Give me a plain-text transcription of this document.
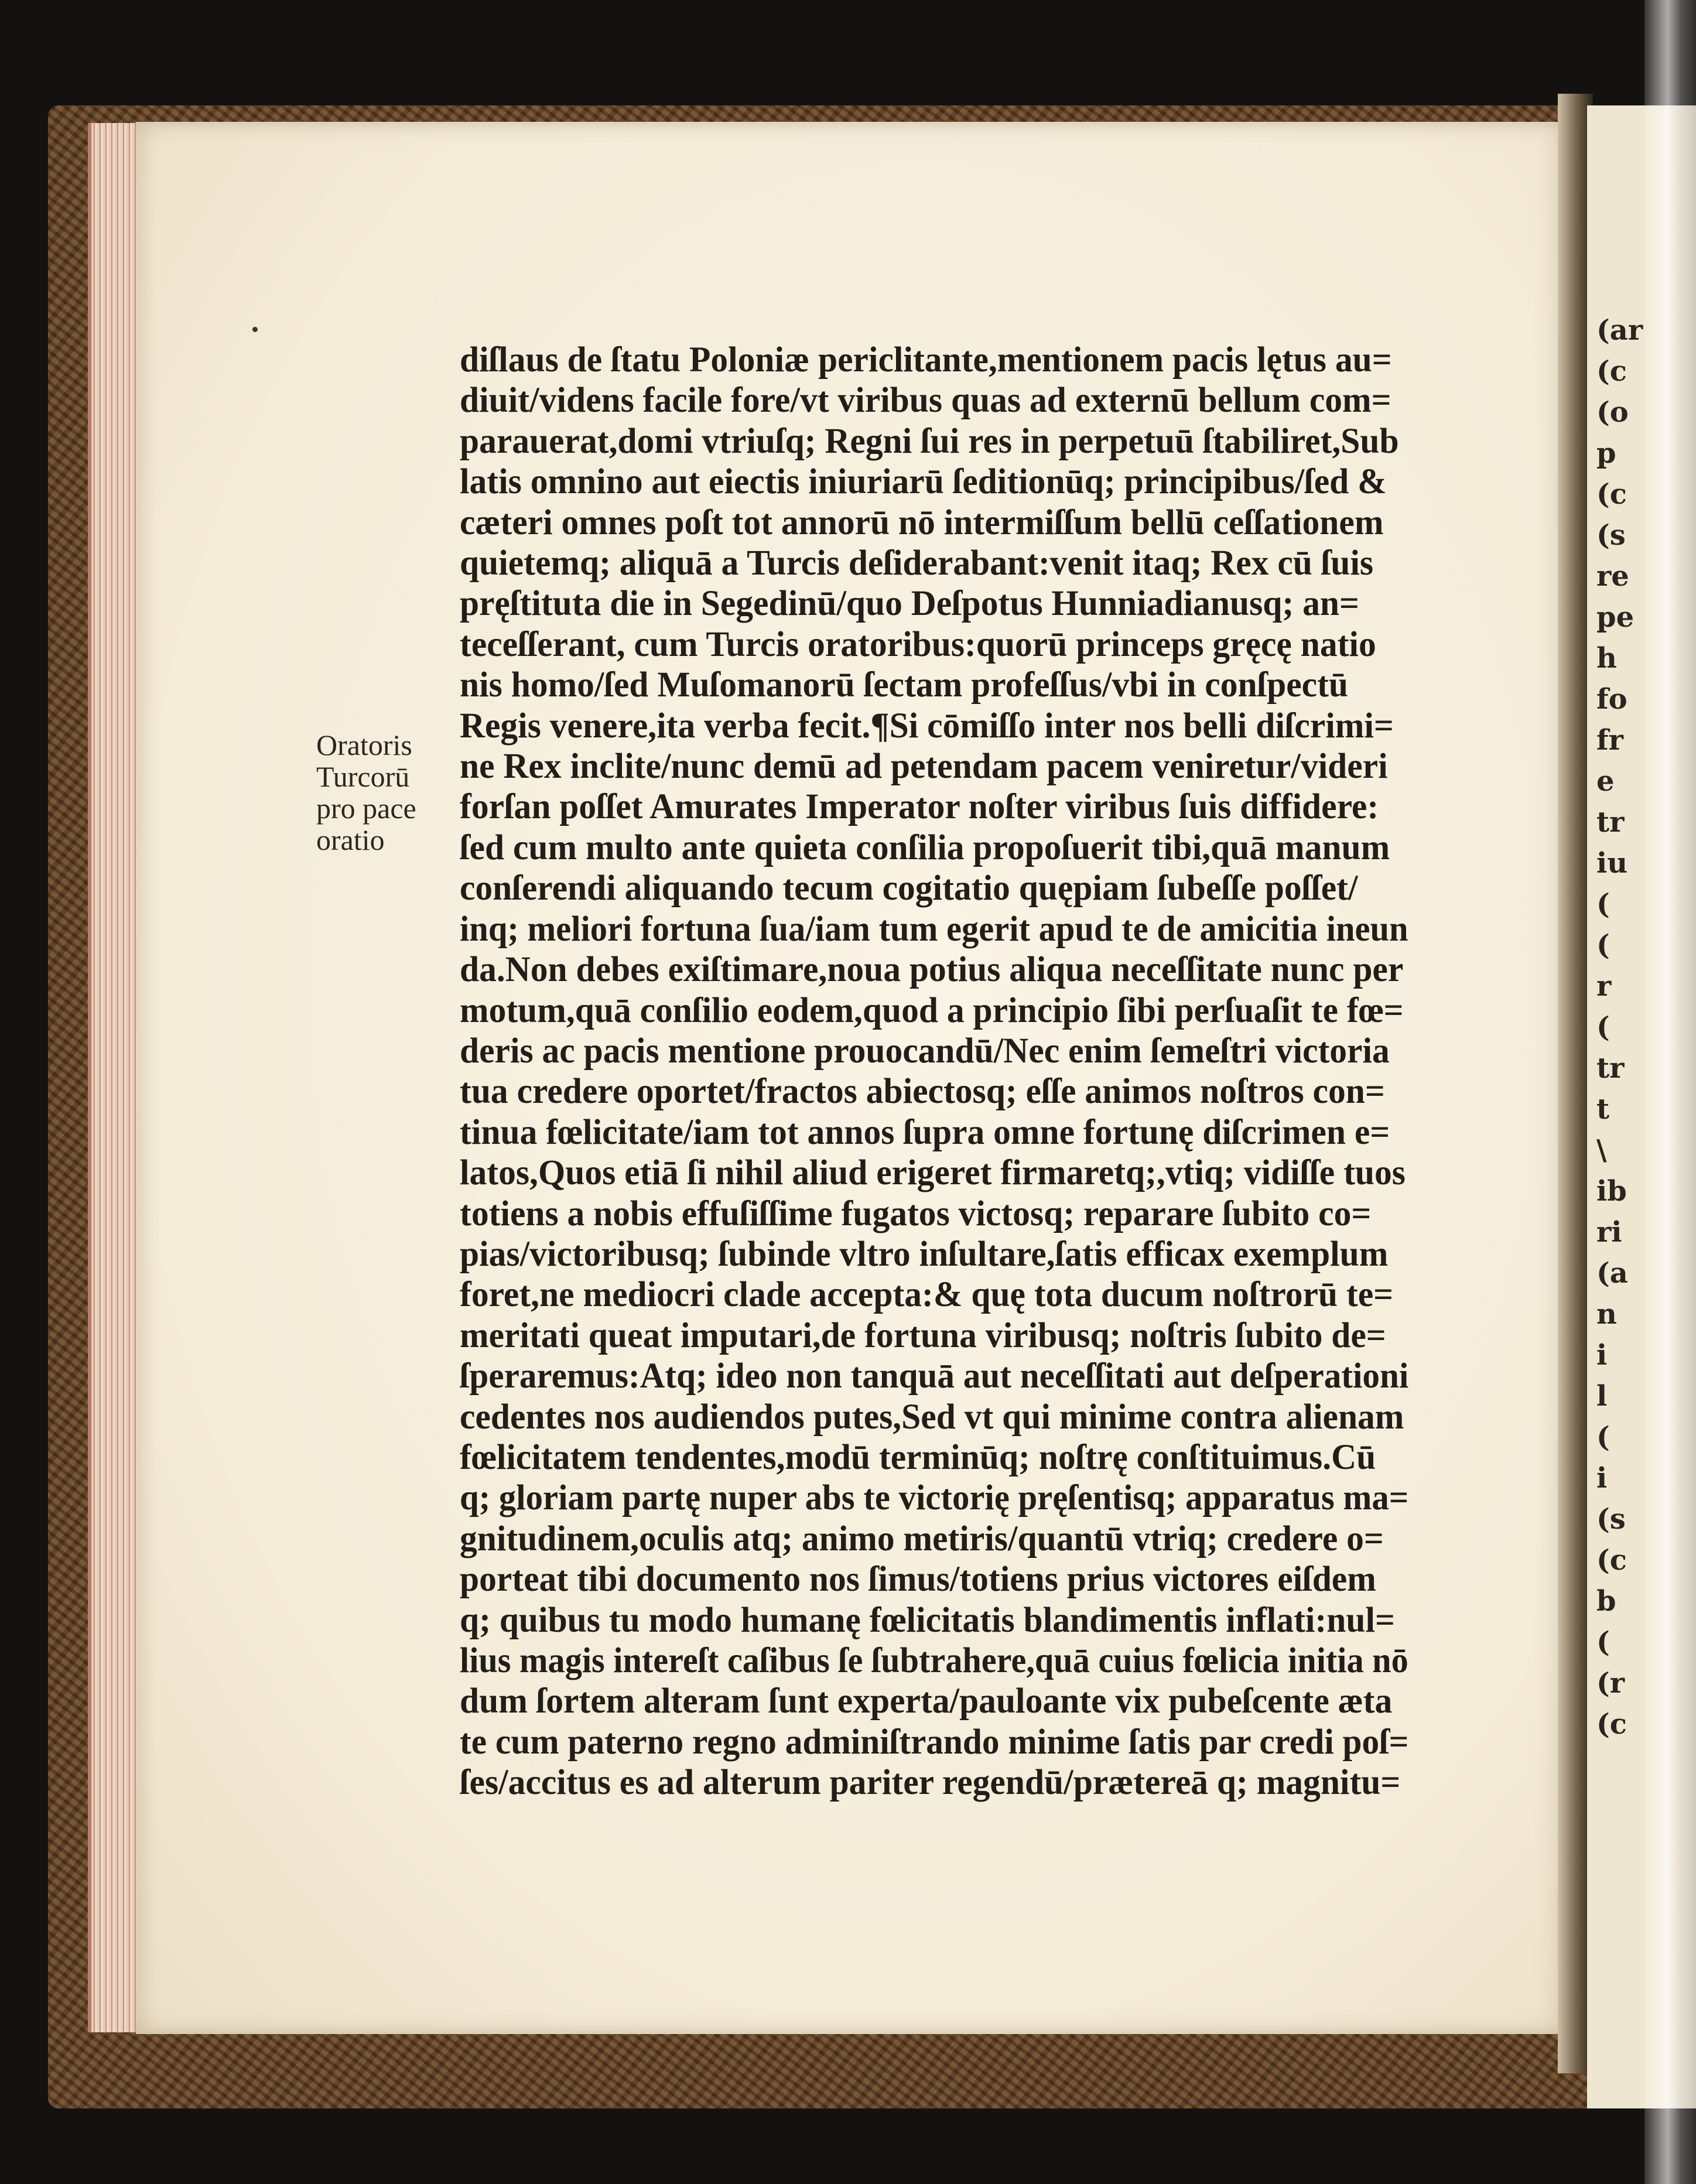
(ar
(c
(o
p
(c
(s
re
pe
h
fo
fr
e
tr
iu
(
(
r
(
tr
t
\
ib
ri
(a
n
i
l
(
i
(s
(c
b
(
(r
(c
Oratoris
Turcorū
pro pace
oratio
diſlaus de ſtatu Poloniæ periclitante,mentionem pacis lętus au=
diuit/videns facile fore/vt viribus quas ad externū bellum com=
parauerat,domi vtriuſq; Regni ſui res in perpetuū ſtabiliret,Sub
latis omnino aut eiectis iniuriarū ſeditionūq; principibus/ſed &
cæteri omnes poſt tot annorū nō intermiſſum bellū ceſſationem
quietemq; aliquā a Turcis deſiderabant:venit itaq; Rex cū ſuis
pręſtituta die in Segedinū/quo Deſpotus Hunniadianusq; an=
teceſſerant, cum Turcis oratoribus:quorū princeps gręcę natio
nis homo/ſed Muſomanorū ſectam profeſſus/vbi in conſpectū
Regis venere,ita verba fecit.¶Si cōmiſſo inter nos belli diſcrimi=
ne Rex inclite/nunc demū ad petendam pacem veniretur/videri
forſan poſſet Amurates Imperator noſter viribus ſuis diffidere:
ſed cum multo ante quieta conſilia propoſuerit tibi,quā manum
conſerendi aliquando tecum cogitatio quępiam ſubeſſe poſſet/
inq; meliori fortuna ſua/iam tum egerit apud te de amicitia ineun
da.Non debes exiſtimare,noua potius aliqua neceſſitate nunc per
motum,quā conſilio eodem,quod a principio ſibi perſuaſit te fœ=
deris ac pacis mentione prouocandū/Nec enim ſemeſtri victoria
tua credere oportet/fractos abiectosq; eſſe animos noſtros con=
tinua fœlicitate/iam tot annos ſupra omne fortunę diſcrimen e=
latos,Quos etiā ſi nihil aliud erigeret firmaretq;,vtiq; vidiſſe tuos
totiens a nobis effuſiſſime fugatos victosq; reparare ſubito co=
pias/victoribusq; ſubinde vltro inſultare,ſatis efficax exemplum
foret,ne mediocri clade accepta:& quę tota ducum noſtrorū te=
meritati queat imputari,de fortuna viribusq; noſtris ſubito de=
ſperaremus:Atq; ideo non tanquā aut neceſſitati aut deſperationi
cedentes nos audiendos putes,Sed vt qui minime contra alienam
fœlicitatem tendentes,modū terminūq; noſtrę conſtituimus.Cū
q; gloriam partę nuper abs te victorię pręſentisq; apparatus ma=
gnitudinem,oculis atq; animo metiris/quantū vtriq; credere o=
porteat tibi documento nos ſimus/totiens prius victores eiſdem
q; quibus tu modo humanę fœlicitatis blandimentis inflati:nul=
lius magis intereſt caſibus ſe ſubtrahere,quā cuius fœlicia initia nō
dum ſortem alteram ſunt experta/pauloante vix pubeſcente æta
te cum paterno regno adminiſtrando minime ſatis par credi poſ=
ſes/accitus es ad alterum pariter regendū/prætereā q; magnitu=
